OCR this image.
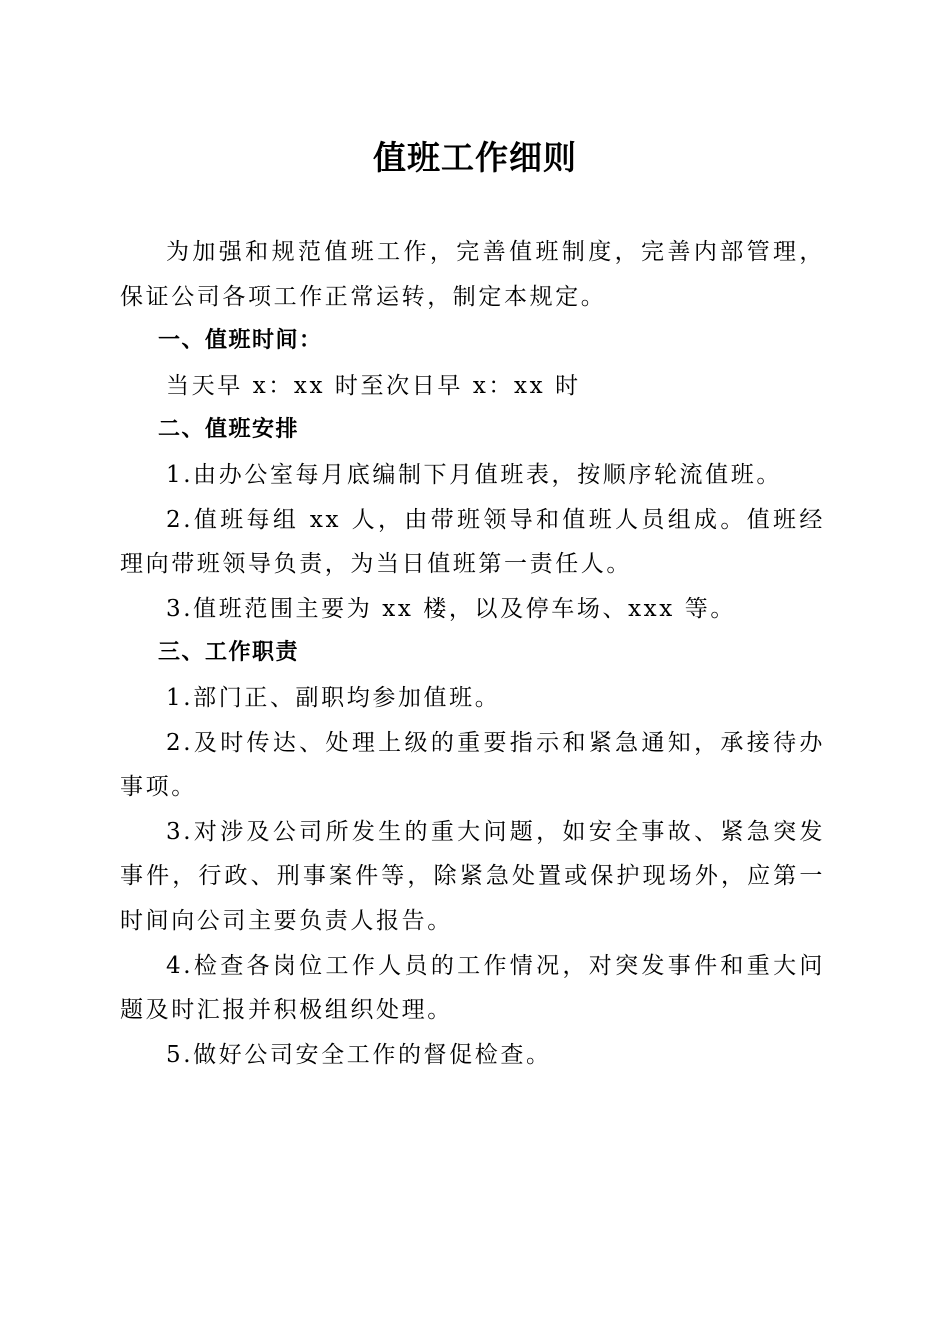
值班工作细则

为加强和规范值班工作，完善值班制度，完善内部管理，保证公司各项工作正常运转，制定本规定。

一、值班时间：

当天早 x：xx 时至次日早 x：xx 时

二、值班安排

1.由办公室每月底编制下月值班表，按顺序轮流值班。

2.值班每组 xx 人，由带班领导和值班人员组成。值班经理向带班领导负责，为当日值班第一责任人。

3.值班范围主要为 xx 楼，以及停车场、xxx 等。

三、工作职责

1.部门正、副职均参加值班。

2.及时传达、处理上级的重要指示和紧急通知，承接待办事项。

3.对涉及公司所发生的重大问题，如安全事故、紧急突发事件，行政、刑事案件等，除紧急处置或保护现场外，应第一时间向公司主要负责人报告。

4.检查各岗位工作人员的工作情况，对突发事件和重大问题及时汇报并积极组织处理。

5.做好公司安全工作的督促检查。
